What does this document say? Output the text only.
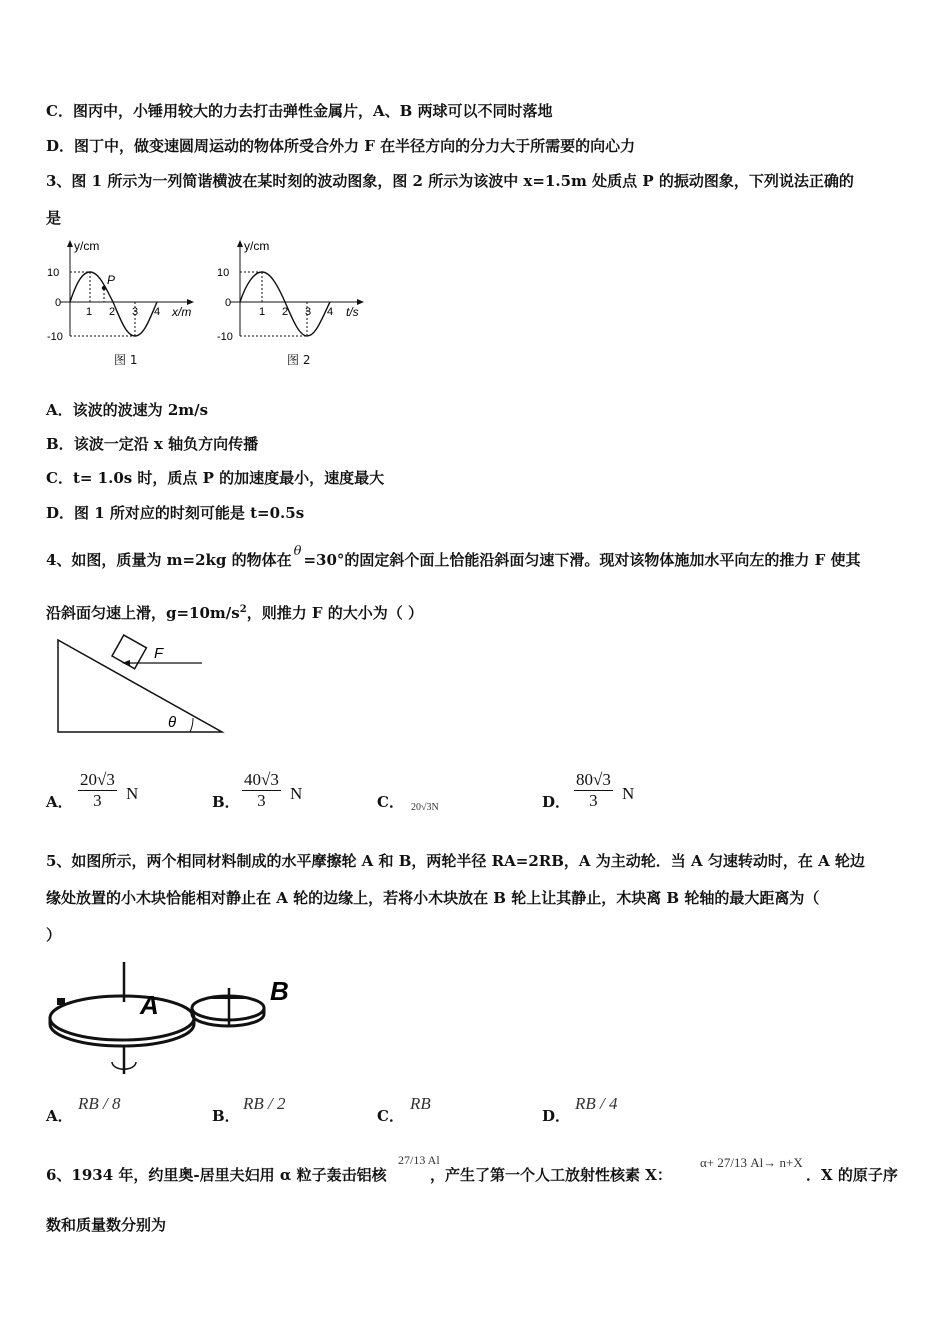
C．图丙中，小锤用较大的力去打击弹性金属片，A、B 两球可以不同时落地
D．图丁中，做变速圆周运动的物体所受合外力 F 在半径方向的分力大于所需要的向心力
3、图 1 所示为一列简谐横波在某时刻的波动图象，图 2 所示为该波中 x=1.5m 处质点 P 的振动图象，下列说法正确的
是
y/cm
10
0
-10
1 2 3 4
P
x/m
图 1
y/cm
10
0
-10
1 2 3 4 t/s
图 2
A．该波的波速为 2m/s
B．该波一定沿 x 轴负方向传播
C．t= 1.0s 时，质点 P 的加速度最小，速度最大
D．图 1 所对应的时刻可能是 t=0.5s
4、如图，质量为 m=2kg 的物体在 θ =30°的固定斜个面上恰能沿斜面匀速下滑。现对该物体施加水平向左的推力 F 使其
沿斜面匀速上滑，$g=10m/s^2$，则推力 F 的大小为（ ）
F
θ
A． $\frac{20√3}{3}$ N	B． $\frac{40√3}{3}$ N	C． 20√3N	D． $\frac{80√3}{3}$ N
5、如图所示，两个相同材料制成的水平摩擦轮 A 和 B，两轮半径 RA=2RB，A 为主动轮．当 A 匀速转动时，在 A 轮边
缘处放置的小木块恰能相对静止在 A 轮的边缘上，若将小木块放在 B 轮上让其静止，木块离 B 轮轴的最大距离为（
）
A	B
A．
RB / 8
B．
RB / 2
C．
RB
D．
RB / 4
6、1934 年，约里奥-居里夫妇用 α 粒子轰击铝核
27/13 Al
，产生了第一个人工放射性核素 X：
α+ 27/13 Al→ n+X
．X 的原子序
数和质量数分别为
